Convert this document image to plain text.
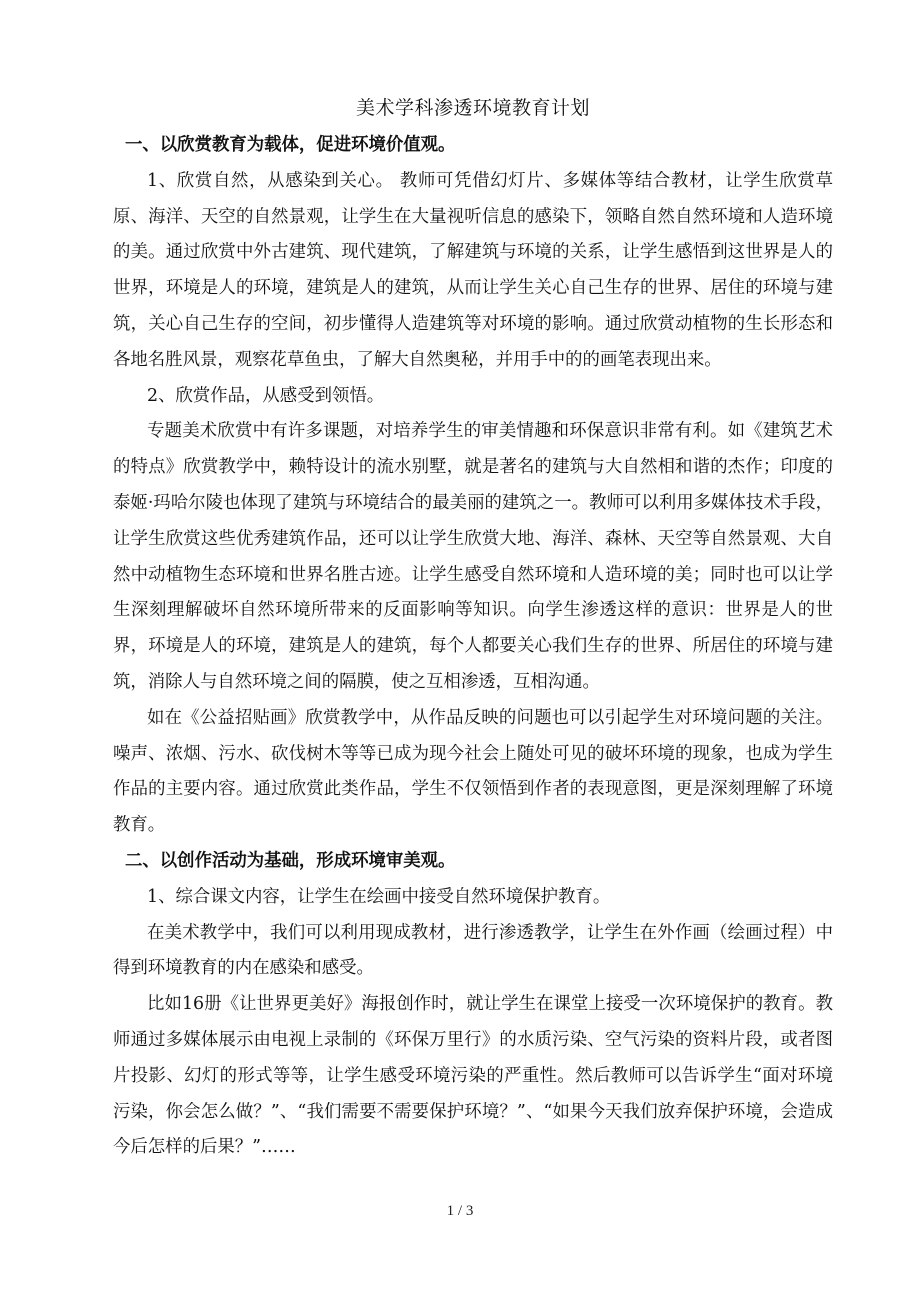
美术学科渗透环境教育计划
一、以欣赏教育为载体，促进环境价值观。
1、欣赏自然，从感染到关心。 教师可凭借幻灯片、多媒体等结合教材，让学生欣赏草原、海洋、天空的自然景观，让学生在大量视听信息的感染下，领略自然自然环境和人造环境的美。通过欣赏中外古建筑、现代建筑，了解建筑与环境的关系，让学生感悟到这世界是人的世界，环境是人的环境，建筑是人的建筑，从而让学生关心自己生存的世界、居住的环境与建筑，关心自己生存的空间，初步懂得人造建筑等对环境的影响。通过欣赏动植物的生长形态和各地名胜风景，观察花草鱼虫，了解大自然奥秘，并用手中的的画笔表现出来。
2、欣赏作品，从感受到领悟。
专题美术欣赏中有许多课题，对培养学生的审美情趣和环保意识非常有利。如《建筑艺术的特点》欣赏教学中，赖特设计的流水别墅，就是著名的建筑与大自然相和谐的杰作；印度的泰姬·玛哈尔陵也体现了建筑与环境结合的最美丽的建筑之一。教师可以利用多媒体技术手段，让学生欣赏这些优秀建筑作品，还可以让学生欣赏大地、海洋、森林、天空等自然景观、大自然中动植物生态环境和世界名胜古迹。让学生感受自然环境和人造环境的美；同时也可以让学生深刻理解破坏自然环境所带来的反面影响等知识。向学生渗透这样的意识：世界是人的世界，环境是人的环境，建筑是人的建筑，每个人都要关心我们生存的世界、所居住的环境与建筑，消除人与自然环境之间的隔膜，使之互相渗透，互相沟通。
如在《公益招贴画》欣赏教学中，从作品反映的问题也可以引起学生对环境问题的关注。噪声、浓烟、污水、砍伐树木等等已成为现今社会上随处可见的破坏环境的现象，也成为学生作品的主要内容。通过欣赏此类作品，学生不仅领悟到作者的表现意图，更是深刻理解了环境教育。
二、以创作活动为基础，形成环境审美观。
1、综合课文内容，让学生在绘画中接受自然环境保护教育。
在美术教学中，我们可以利用现成教材，进行渗透教学，让学生在外作画（绘画过程）中得到环境教育的内在感染和感受。
比如16册《让世界更美好》海报创作时，就让学生在课堂上接受一次环境保护的教育。教师通过多媒体展示由电视上录制的《环保万里行》的水质污染、空气污染的资料片段，或者图片投影、幻灯的形式等等，让学生感受环境污染的严重性。然后教师可以告诉学生“面对环境污染，你会怎么做？”、“我们需要不需要保护环境？”、“如果今天我们放弃保护环境，会造成今后怎样的后果？”……
1 / 3
